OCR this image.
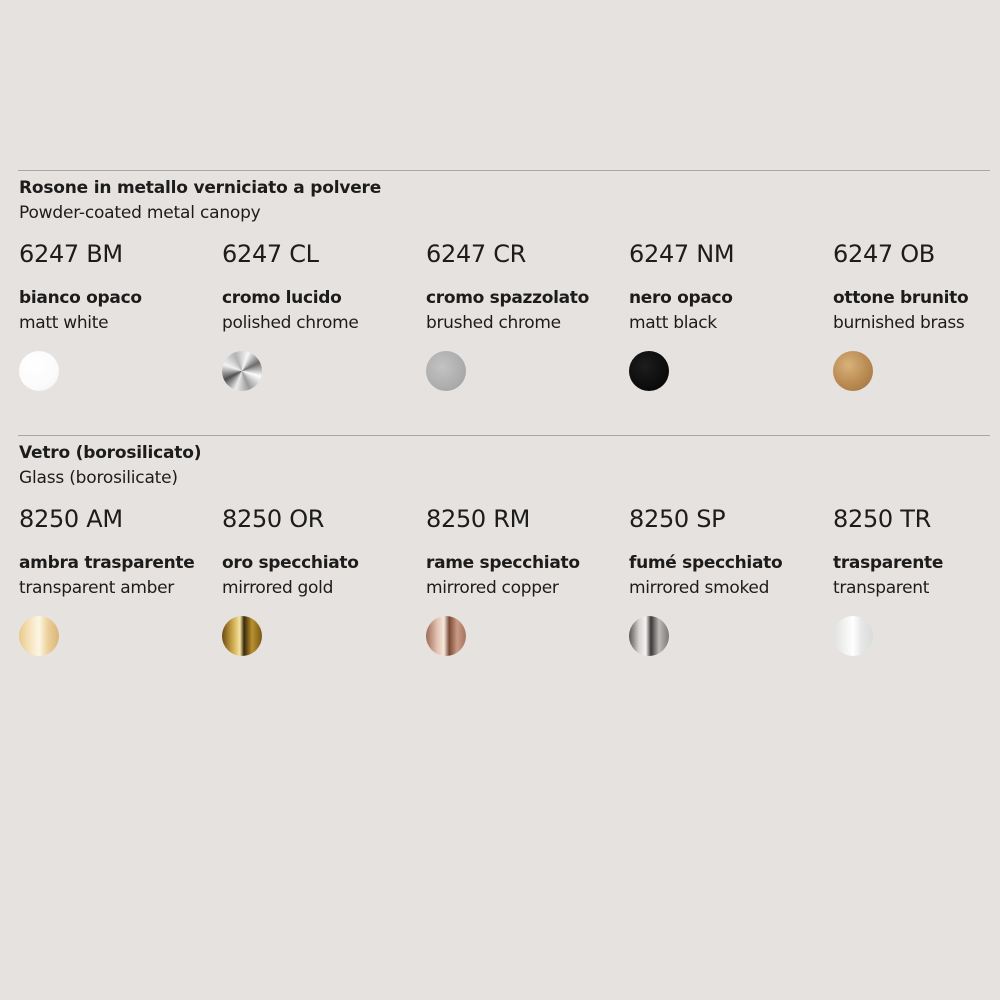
Rosone in metallo verniciato a polvere
Powder-coated metal canopy
6247 BM
bianco opaco
matt white
6247 CL
cromo lucido
polished chrome
6247 CR
cromo spazzolato
brushed chrome
6247 NM
nero opaco
matt black
6247 OB
ottone brunito
burnished brass
Vetro (borosilicato)
Glass (borosilicate)
8250 AM
ambra trasparente
transparent amber
8250 OR
oro specchiato
mirrored gold
8250 RM
rame specchiato
mirrored copper
8250 SP
fumé specchiato
mirrored smoked
8250 TR
trasparente
transparent
